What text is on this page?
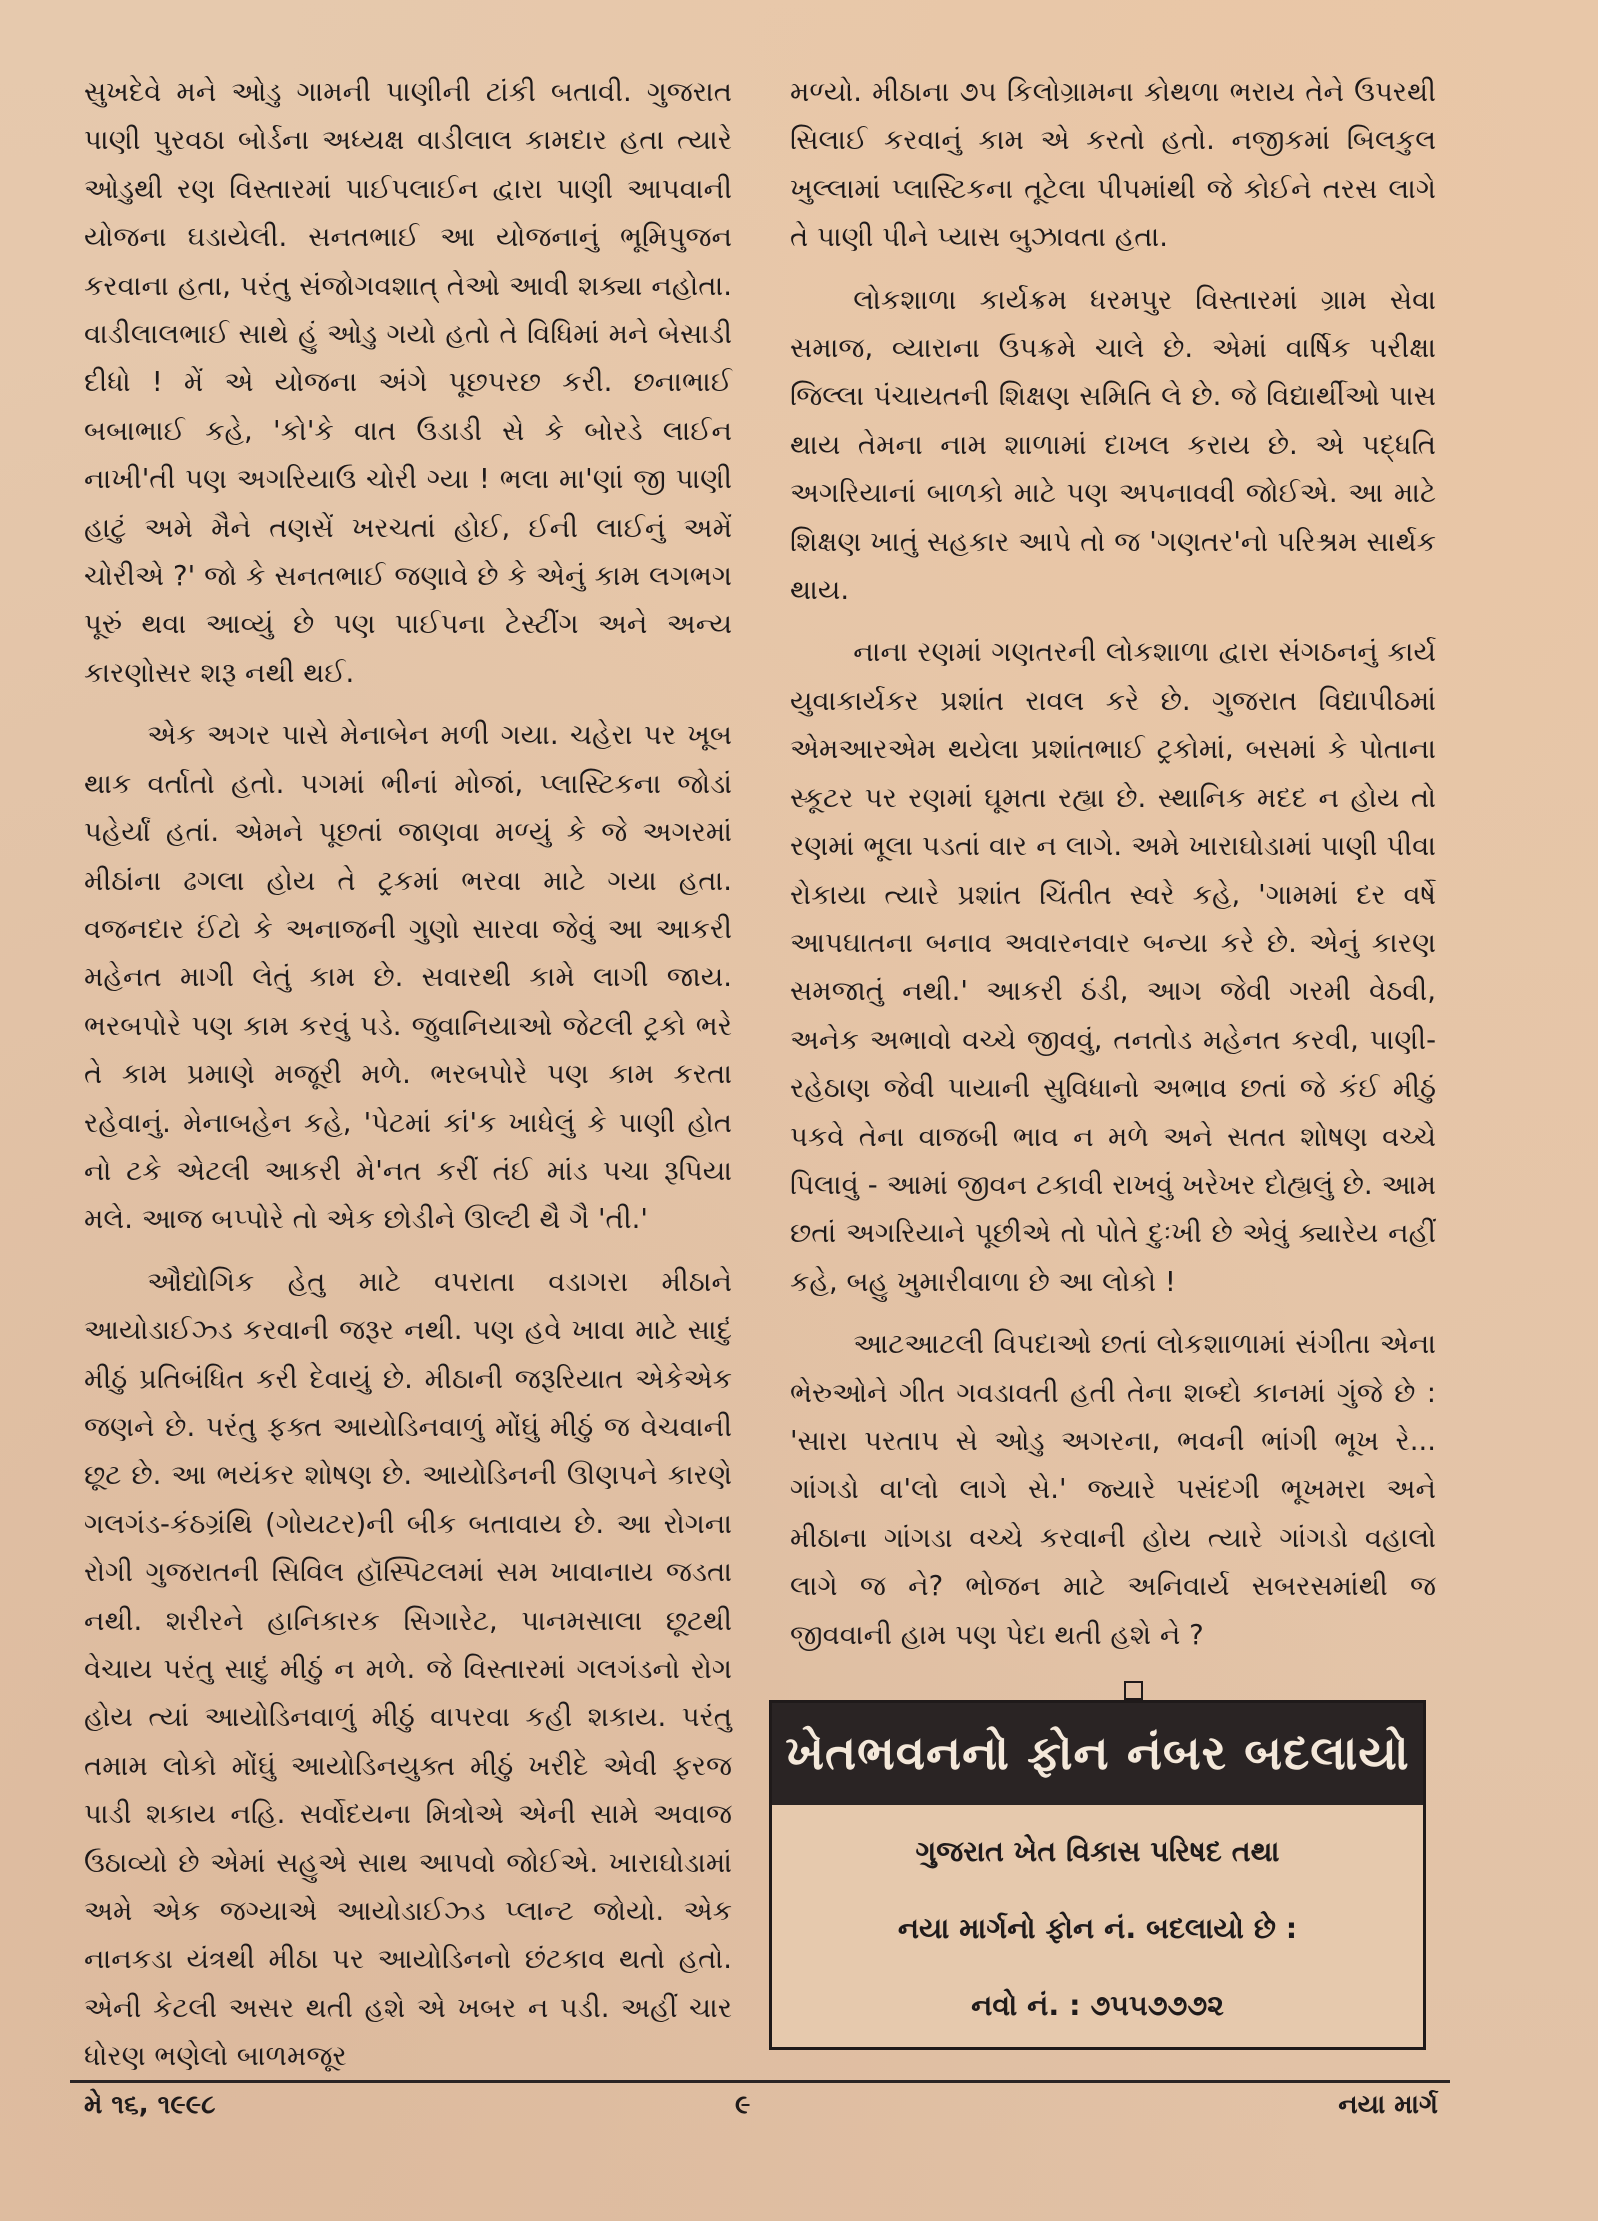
સુખદેવે મને ઓડુ ગામની પાણીની ટાંકી બતાવી. ગુજરાત પાણી પુરવઠા બોર્ડના અધ્યક્ષ વાડીલાલ કામદાર હતા ત્યારે ઓડુથી રણ વિસ્તારમાં પાઈપલાઈન દ્વારા પાણી આપવાની યોજના ઘડાયેલી. સનતભાઈ આ યોજનાનું ભૂમિપુજન કરવાના હતા, પરંતુ સંજોગવશાત્ તેઓ આવી શક્યા નહોતા. વાડીલાલભાઈ સાથે હું ઓડુ ગયો હતો તે વિધિમાં મને બેસાડી દીધો ! મેં એ યોજના અંગે પૂછપરછ કરી. છનાભાઈ બબાભાઈ કહે, 'કો'કે વાત ઉડાડી સે કે બોરડે લાઈન નાખી'તી પણ અગરિયાઉ ચોરી ગ્યા ! ભલા મા'ણાં જી પાણી હાટું અમે મૈને તણસેં ખરચતાં હોઈ, ઈની લાઈનું અમેં ચોરીએ ?' જો કે સનતભાઈ જણાવે છે કે એનું કામ લગભગ પૂરું થવા આવ્યું છે પણ પાઈપના ટેસ્ટીંગ અને અન્ય કારણોસર શરૂ નથી થઈ.

એક અગર પાસે મેનાબેન મળી ગયા. ચહેરા પર ખૂબ થાક વર્તાતો હતો. પગમાં ભીનાં મોજાં, પ્લાસ્ટિકના જોડાં પહેર્યાં હતાં. એમને પૂછતાં જાણવા મળ્યું કે જે અગરમાં મીઠાંના ઢગલા હોય તે ટ્રકમાં ભરવા માટે ગયા હતા. વજનદાર ઈંટો કે અનાજની ગુણો સારવા જેવું આ આકરી મહેનત માગી લેતું કામ છે. સવારથી કામે લાગી જાય. ભરબપોરે પણ કામ કરવું પડે. જુવાનિયાઓ જેટલી ટ્રકો ભરે તે કામ પ્રમાણે મજૂરી મળે. ભરબપોરે પણ કામ કરતા રહેવાનું. મેનાબહેન કહે, 'પેટમાં કાં'ક ખાધેલું કે પાણી હોત નો ટકે એટલી આકરી મે'નત કરીં તંઈ માંડ પચા રૂપિયા મલે. આજ બપ્પોરે તો એક છોડીને ઊલ્ટી થૈ ગૈ 'તી.'

ઔદ્યોગિક હેતુ માટે વપરાતા વડાગરા મીઠાને આયોડાઈઝ્ડ કરવાની જરૂર નથી. પણ હવે ખાવા માટે સાદું મીઠું પ્રતિબંધિત કરી દેવાયું છે. મીઠાની જરૂરિયાત એકેએક જણને છે. પરંતુ ફક્ત આયોડિનવાળું મોંઘું મીઠું જ વેચવાની છૂટ છે. આ ભયંકર શોષણ છે. આયોડિનની ઊણપને કારણે ગલગંડ-કંઠગ્રંથિ (ગોયટર)ની બીક બતાવાય છે. આ રોગના રોગી ગુજરાતની સિવિલ હૉસ્પિટલમાં સમ ખાવાનાય જડતા નથી. શરીરને હાનિકારક સિગારેટ, પાનમસાલા છૂટથી વેચાય પરંતુ સાદું મીઠું ન મળે. જે વિસ્તારમાં ગલગંડનો રોગ હોય ત્યાં આયોડિનવાળું મીઠું વાપરવા કહી શકાય. પરંતુ તમામ લોકો મોંઘું આયોડિનયુક્ત મીઠું ખરીદે એવી ફરજ પાડી શકાય નહિ. સર્વોદયના મિત્રોએ એની સામે અવાજ ઉઠાવ્યો છે એમાં સહુએ સાથ આપવો જોઈએ. ખારાઘોડામાં અમે એક જગ્યાએ આયોડાઈઝ્ડ પ્લાન્ટ જોયો. એક નાનકડા યંત્રથી મીઠા પર આયોડિનનો છંટકાવ થતો હતો. એની કેટલી અસર થતી હશે એ ખબર ન પડી. અહીં ચાર ધોરણ ભણેલો બાળમજૂર

મળ્યો. મીઠાના ૭૫ કિલોગ્રામના કોથળા ભરાય તેને ઉપરથી સિલાઈ કરવાનું કામ એ કરતો હતો. નજીકમાં બિલકુલ ખુલ્લામાં પ્લાસ્ટિકના તૂટેલા પીપમાંથી જે કોઈને તરસ લાગે તે પાણી પીને પ્યાસ બુઝાવતા હતા.

લોકશાળા કાર્યક્રમ ધરમપુર વિસ્તારમાં ગ્રામ સેવા સમાજ, વ્યારાના ઉપક્રમે ચાલે છે. એમાં વાર્ષિક પરીક્ષા જિલ્લા પંચાયતની શિક્ષણ સમિતિ લે છે. જે વિદ્યાર્થીઓ પાસ થાય તેમના નામ શાળામાં દાખલ કરાય છે. એ પદ્ધતિ અગરિયાનાં બાળકો માટે પણ અપનાવવી જોઈએ. આ માટે શિક્ષણ ખાતું સહકાર આપે તો જ 'ગણતર'નો પરિશ્રમ સાર્થક થાય.

નાના રણમાં ગણતરની લોકશાળા દ્વારા સંગઠનનું કાર્ય યુવાકાર્યકર પ્રશાંત રાવલ કરે છે. ગુજરાત વિદ્યાપીઠમાં એમઆરએમ થયેલા પ્રશાંતભાઈ ટ્રકોમાં, બસમાં કે પોતાના સ્કૂટર પર રણમાં ઘૂમતા રહ્યા છે. સ્થાનિક મદદ ન હોય તો રણમાં ભૂલા પડતાં વાર ન લાગે. અમે ખારાઘોડામાં પાણી પીવા રોકાયા ત્યારે પ્રશાંત ચિંતીત સ્વરે કહે, 'ગામમાં દર વર્ષે આપઘાતના બનાવ અવારનવાર બન્યા કરે છે. એનું કારણ સમજાતું નથી.' આકરી ઠંડી, આગ જેવી ગરમી વેઠવી, અનેક અભાવો વચ્ચે જીવવું, તનતોડ મહેનત કરવી, પાણી-રહેઠાણ જેવી પાયાની સુવિધાનો અભાવ છતાં જે કંઈ મીઠું પકવે તેના વાજબી ભાવ ન મળે અને સતત શોષણ વચ્ચે પિલાવું - આમાં જીવન ટકાવી રાખવું ખરેખર દોહ્યલું છે. આમ છતાં અગરિયાને પૂછીએ તો પોતે દુઃખી છે એવું ક્યારેય નહીં કહે, બહુ ખુમારીવાળા છે આ લોકો !

આટઆટલી વિપદાઓ છતાં લોકશાળામાં સંગીતા એના ભેરુઓને ગીત ગવડાવતી હતી તેના શબ્દો કાનમાં ગુંજે છે : 'સારા પરતાપ સે ઓડુ અગરના, ભવની ભાંગી ભૂખ રે... ગાંગડો વા'લો લાગે સે.' જ્યારે પસંદગી ભૂખમરા અને મીઠાના ગાંગડા વચ્ચે કરવાની હોય ત્યારે ગાંગડો વહાલો લાગે જ ને? ભોજન માટે અનિવાર્ય સબરસમાંથી જ જીવવાની હામ પણ પેદા થતી હશે ને ?

ખેતભવનનો ફોન નંબર બદલાયો
ગુજરાત ખેત વિકાસ પરિષદ તથા
નયા માર્ગનો ફોન નં. બદલાયો છે :
નવો નં. : ૭૫૫૭૭૭૨
મે ૧૬, ૧૯૯૮	૯	નયા માર્ગ
